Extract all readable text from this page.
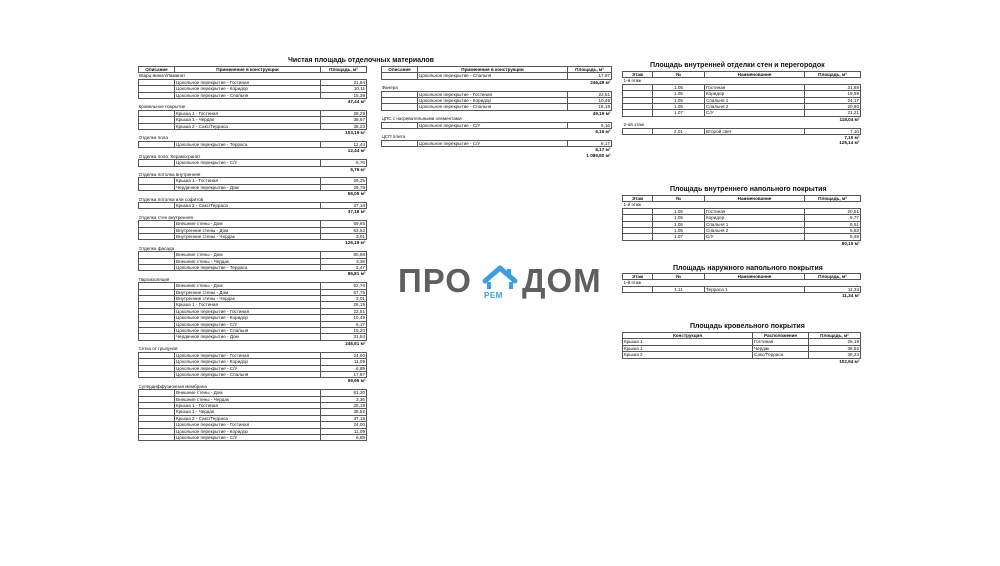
Чистая площадь отделочных материалов
Описание	Применение в конструкции	Площадь, м²
Кварц-винил/Ламинат		
	Цокольное перекрытие - Гостиная	21,94
	Цокольное перекрытие - Коридор	10,11
	Цокольное перекрытие - Спальня	15,39
		47,44 м²
Кровельное покрытие		
	Крыша 1 - Гостиная	28,29
	Крыша 1 - Чердак	38,67
	Крыша 2 - Сакс/Терраса	38,23
		103,19 м²
Отделка пола		
	Цокольное перекрытие - Терраса	12,44
		12,44 м²
Отделка пола. Керамогранит		
	Цокольное перекрытие - С/У	5,76
		5,76 м²
Отделка потолка внутренняя		
	Крыша 1 - Гостиная	26,25
	Чердачное перекрытие - Дом	29,79
		56,05 м²
Отделка потолка или софитов		
	Крыша 2 - Сакс/Терраса	37,16
		37,16 м²
Отделка стен внутренняя		
	Внешние стены - Дом	59,65
	Внутренние стены - Дом	63,52
	Внутренние стены - Чердак	3,01
		126,19 м²
Отделка фасада		
	Внешние стены - Дом	80,98
	Внешние стены - Чердак	3,36
	Цокольное перекрытие - Терраса	2,47
		86,81 м²
Пароизоляция		
	Внешние стены - Дом	62,76
	Внутренние стены - Дом	67,75
	Внутренние стены - Чердак	3,01
	Крыша 1 - Гостиная	26,19
	Цокольное перекрытие - Гостиная	22,51
	Цокольное перекрытие - Коридор	10,49
	Цокольное перекрытие - С/У	6,17
	Цокольное перекрытие - Спальня	16,20
	Чердачное перекрытие - Дом	31,54
		246,61 м²
Сетка от грызунов		
	Цокольное перекрытие - Гостиная	24,00
	Цокольное перекрытие - Коридор	11,09
	Цокольное перекрытие - С/У	6,89
	Цокольное перекрытие - Спальня	17,97
		59,95 м²
Супердиффузионная мембрана		
	Внешние стены - Дом	81,30
	Внешние стены - Чердак	3,36
	Крыша 1 - Гостиная	26,19
	Крыша 1 - Чердак	38,52
	Крыша 2 - Сакс/Терраса	37,16
	Цокольное перекрытие - Гостиная	24,00
	Цокольное перекрытие - Коридор	11,09
	Цокольное перекрытие - С/У	6,89
Описание	Применение в конструкции	Площадь, м²
	Цокольное перекрытие - Спальня	17,97
		246,49 м²
Фанера		
	Цокольное перекрытие - Гостиная	22,51
	Цокольное перекрытие - Коридор	10,49
	Цокольное перекрытие - Спальня	16,19
		49,19 м²
ЦПС с нагревательными элементами		
	Цокольное перекрытие - С/У	6,16
		6,16 м²
ЦСП плита		
	Цокольное перекрытие - С/У	6,17
		6,17 м²
		1 089,60 м²
Площадь внутренней отделки стен и перегородок
Этаж	№	Наименование	Площадь, м²
1-й этаж			
	1.05	Гостиная	31,88
	1.05	Коридор	19,99
	1.05	Спальня 1	24,17
	1.05	Спальня 2	20,80
	1.07	С/У	21,21
118,04 м²			
2-ой этаж			
	2.01	Второй свет	7,10
7,10 м²			
125,14 м²			
Площадь внутреннего напольного покрытия
Этаж	№	Наименование	Площадь, м²
1-й этаж			
	1.05	Гостиная	20,51
	1.05	Коридор	9,77
	1.05	Спальня 1	8,51
	1.05	Спальня 2	5,83
	1.07	С/У	5,49
50,10 м²			
Площадь наружного напольного покрытия
Этаж	№	Наименование	Площадь, м²
1-й этаж			
	1.11	Терраса 1	11,34
11,34 м²			
Площадь кровельного покрытия
Конструкция	Расположение	Площадь, м²
Крыша 1	Гостиная	26,19
Крыша 1	Чердак	38,52
Крыша 2	Сакс/Терраса	38,23
102,94 м²		
ПРО РЕМ ДОМ
